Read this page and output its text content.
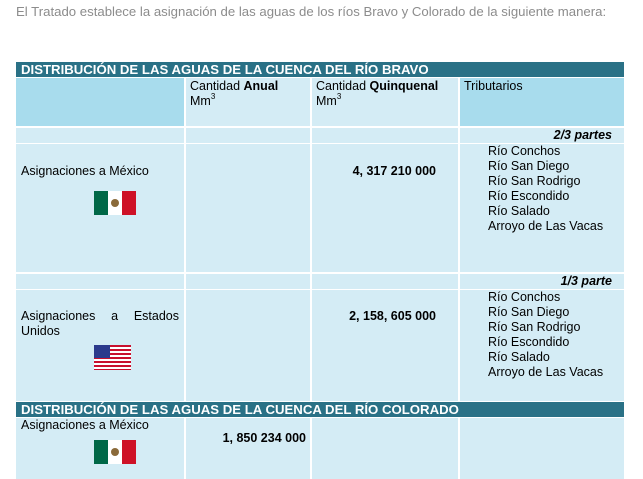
El Tratado establece la asignación de las aguas de los ríos Bravo y Colorado de la siguiente manera:
DISTRIBUCIÓN DE LAS AGUAS DE LA CUENCA DEL RÍO BRAVO
Cantidad Anual
Mm$^3$
Cantidad Quinquenal
Mm$^3$
Tributarios
2/3 partes
Asignaciones a México	4, 317 210 000
Río Conchos
Río San Diego
Río San Rodrigo
Río Escondido
Río Salado
Arroyo de Las Vacas
1/3 parte
Asignaciones a Estados Unidos
2, 158, 605 000
Río Conchos
Río San Diego
Río San Rodrigo
Río Escondido
Río Salado
Arroyo de Las Vacas
DISTRIBUCIÓN DE LAS AGUAS DE LA CUENCA DEL RÍO COLORADO
Asignaciones a México
1, 850 234 000
